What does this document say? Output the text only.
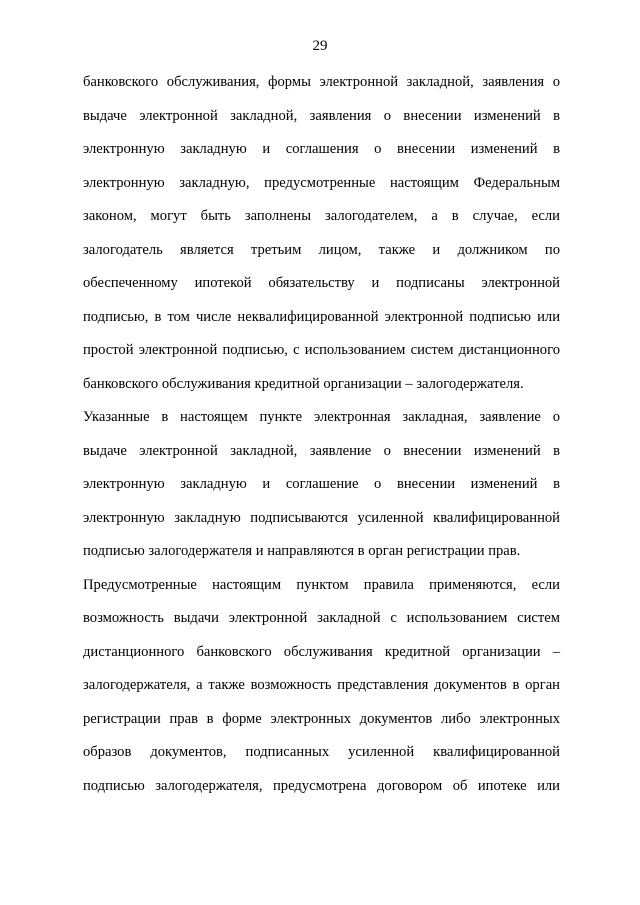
29
банковского обслуживания, формы электронной закладной, заявления о
выдаче электронной закладной, заявления о внесении изменений в
электронную закладную и соглашения о внесении изменений в
электронную закладную, предусмотренные настоящим Федеральным
законом, могут быть заполнены залогодателем, а в случае, если
залогодатель является третьим лицом, также и должником по
обеспеченному ипотекой обязательству и подписаны электронной
подписью, в том числе неквалифицированной электронной подписью или
простой электронной подписью, с использованием систем дистанционного
банковского обслуживания кредитной организации – залогодержателя.
Указанные в настоящем пункте электронная закладная, заявление о
выдаче электронной закладной, заявление о внесении изменений в
электронную закладную и соглашение о внесении изменений в
электронную закладную подписываются усиленной квалифицированной
подписью залогодержателя и направляются в орган регистрации прав.
Предусмотренные настоящим пунктом правила применяются, если
возможность выдачи электронной закладной с использованием систем
дистанционного банковского обслуживания кредитной организации –
залогодержателя, а также возможность представления документов в орган
регистрации прав в форме электронных документов либо электронных
образов документов, подписанных усиленной квалифицированной
подписью залогодержателя, предусмотрена договором об ипотеке или
